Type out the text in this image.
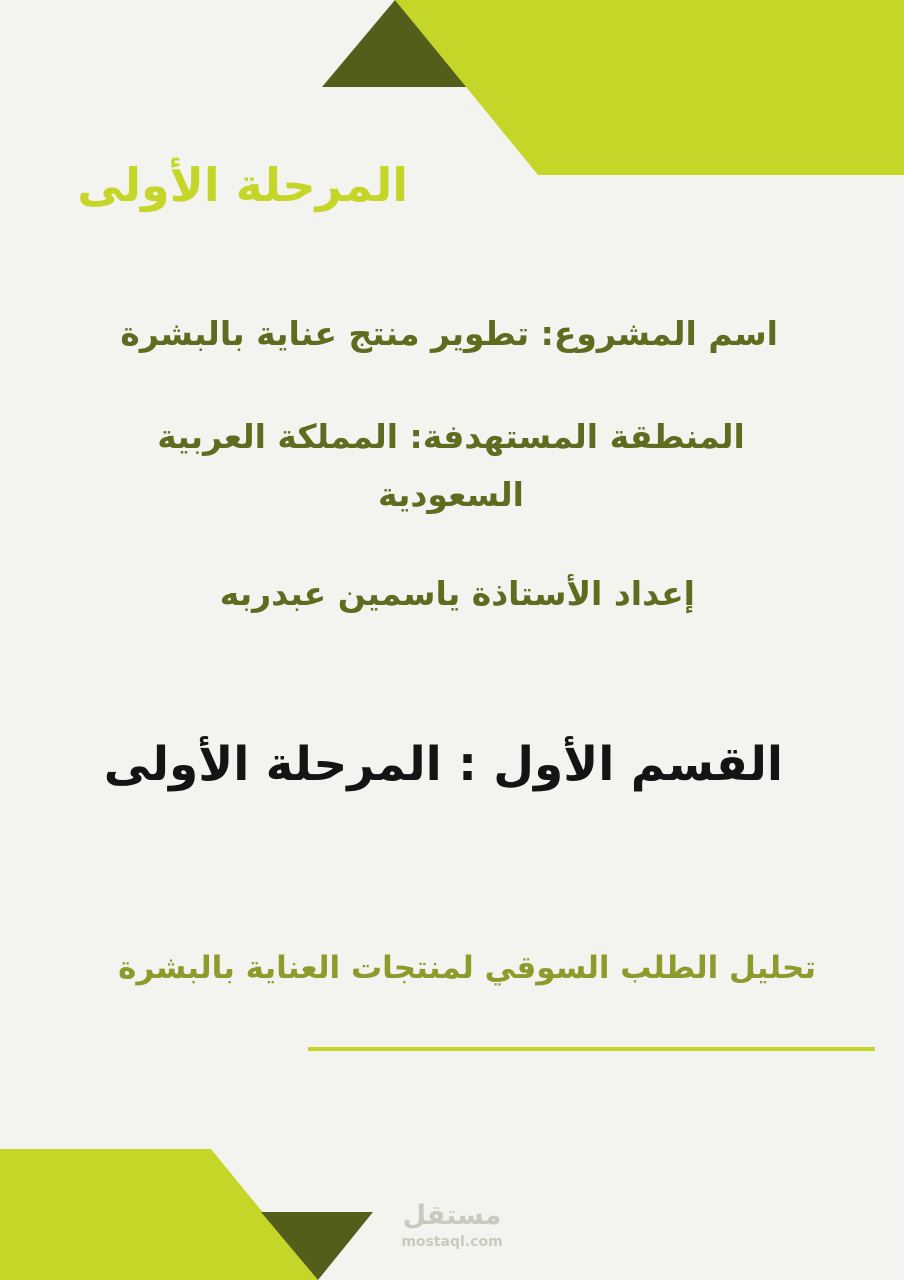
المرحلة الأولى

اسم المشروع: تطوير منتج عناية بالبشرة

المنطقة المستهدفة: المملكة العربية السعودية

إعداد الأستاذة ياسمين عبدربه

القسم الأول : المرحلة الأولى

تحليل الطلب السوقي لمنتجات العناية بالبشرة

مستقل
mostaql.com
